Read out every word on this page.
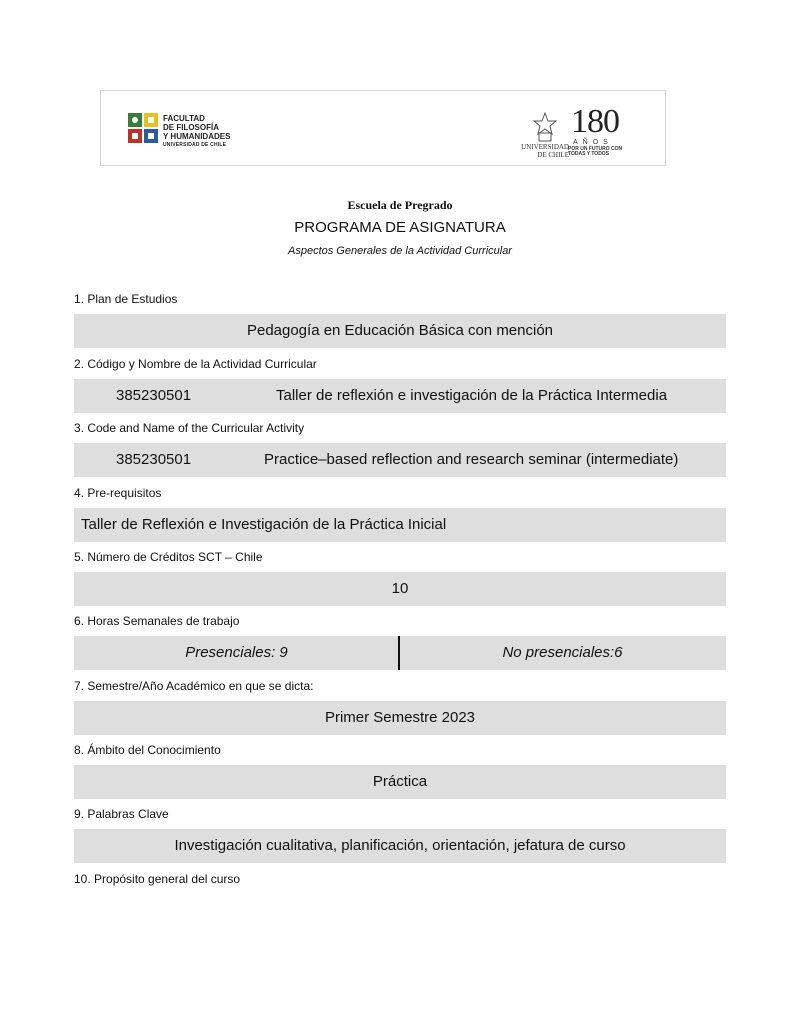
FACULTAD
DE FILOSOFÍA
Y HUMANIDADES
UNIVERSIDAD DE CHILE	UNIVERSIDAD
DE CHILE
180
AÑOS
POR UN FUTURO CON
TODAS Y TODOS
Escuela de Pregrado
PROGRAMA DE ASIGNATURA
Aspectos Generales de la Actividad Curricular
1. Plan de Estudios
Pedagogía en Educación Básica con mención
2. Código y Nombre de la Actividad Curricular
385230501	Taller de reflexión e investigación de la Práctica Intermedia
3. Code and Name of the Curricular Activity
385230501	Practice–based reflection and research seminar (intermediate)
4. Pre-requisitos
Taller de Reflexión e Investigación de la Práctica Inicial
5. Número de Créditos SCT – Chile
10
6. Horas Semanales de trabajo
Presenciales: 9	No presenciales:6
7. Semestre/Año Académico en que se dicta:
Primer Semestre 2023
8. Ámbito del Conocimiento
Práctica
9. Palabras Clave
Investigación cualitativa, planificación, orientación, jefatura de curso
10. Propósito general del curso
